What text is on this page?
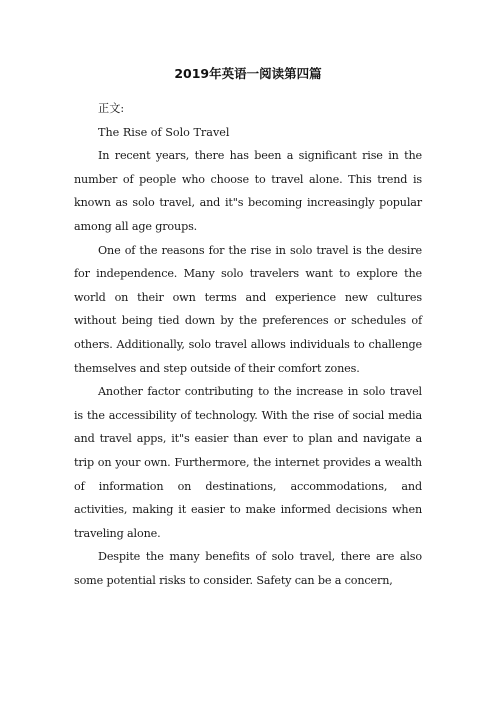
2019年英语一阅读第四篇

正文:

The Rise of Solo Travel

In recent years, there has been a significant rise in the number of people who choose to travel alone. This trend is known as solo travel, and it"s becoming increasingly popular among all age groups.

One of the reasons for the rise in solo travel is the desire for independence. Many solo travelers want to explore the world on their own terms and experience new cultures without being tied down by the preferences or schedules of others. Additionally, solo travel allows individuals to challenge themselves and step outside of their comfort zones.

Another factor contributing to the increase in solo travel is the accessibility of technology. With the rise of social media and travel apps, it"s easier than ever to plan and navigate a trip on your own. Furthermore, the internet provides a wealth of information on destinations, accommodations, and activities, making it easier to make informed decisions when traveling alone.

Despite the many benefits of solo travel, there are also some potential risks to consider. Safety can be a concern,
